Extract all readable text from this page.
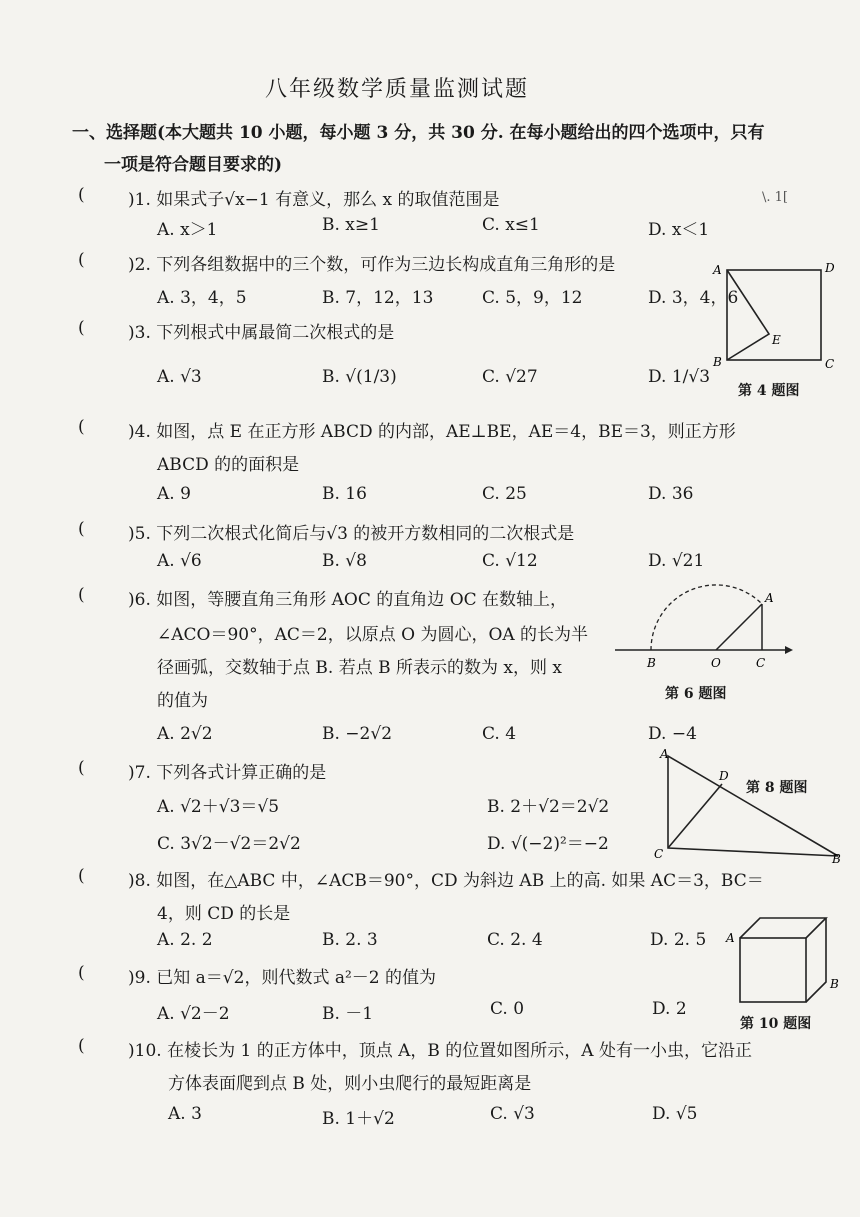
八年级数学质量监测试题
一、选择题(本大题共 10 小题，每小题 3 分，共 30 分. 在每小题给出的四个选项中，只有
一项是符合题目要求的)
\. 1[
(	)1. 如果式子√x−1 有意义，那么 x 的取值范围是
A. x＞1	B. x≥1	C. x≤1	D. x＜1
(	)2. 下列各组数据中的三个数，可作为三边长构成直角三角形的是
A. 3，4，5	B. 7，12，13	C. 5，9，12	D. 3，4，6
(	)3. 下列根式中属最简二次根式的是
A. √3	B. √(1/3)	C. √27	D. 1/√3
A	D
E
B	C
第 4 题图
(	)4. 如图，点 E 在正方形 ABCD 的内部，AE⊥BE，AE＝4，BE＝3，则正方形
ABCD 的的面积是
A. 9	B. 16	C. 25	D. 36
(	)5. 下列二次根式化简后与√3 的被开方数相同的二次根式是
A. √6	B. √8	C. √12	D. √21
(	)6. 如图，等腰直角三角形 AOC 的直角边 OC 在数轴上，
∠ACO＝90°，AC＝2，以原点 O 为圆心，OA 的长为半
径画弧，交数轴于点 B. 若点 B 所表示的数为 x，则 x
的值为
A. 2√2	B. −2√2	C. 4	D. −4
A
B	O	C
第 6 题图
(	)7. 下列各式计算正确的是
A. √2＋√3＝√5	B. 2＋√2＝2√2
C. 3√2－√2＝2√2	D. √(−2)²＝−2
A
D
C	B
第 8 题图
(	)8. 如图，在△ABC 中，∠ACB＝90°，CD 为斜边 AB 上的高. 如果 AC＝3，BC＝
4，则 CD 的长是
A. 2. 2	B. 2. 3	C. 2. 4	D. 2. 5 A
B
第 10 题图
(	)9. 已知 a＝√2，则代数式 a²－2 的值为
A. √2－2	B. －1	C. 0	D. 2
(	)10. 在棱长为 1 的正方体中，顶点 A，B 的位置如图所示，A 处有一小虫，它沿正
方体表面爬到点 B 处，则小虫爬行的最短距离是
A. 3	B. 1＋√2	C. √3	D. √5
